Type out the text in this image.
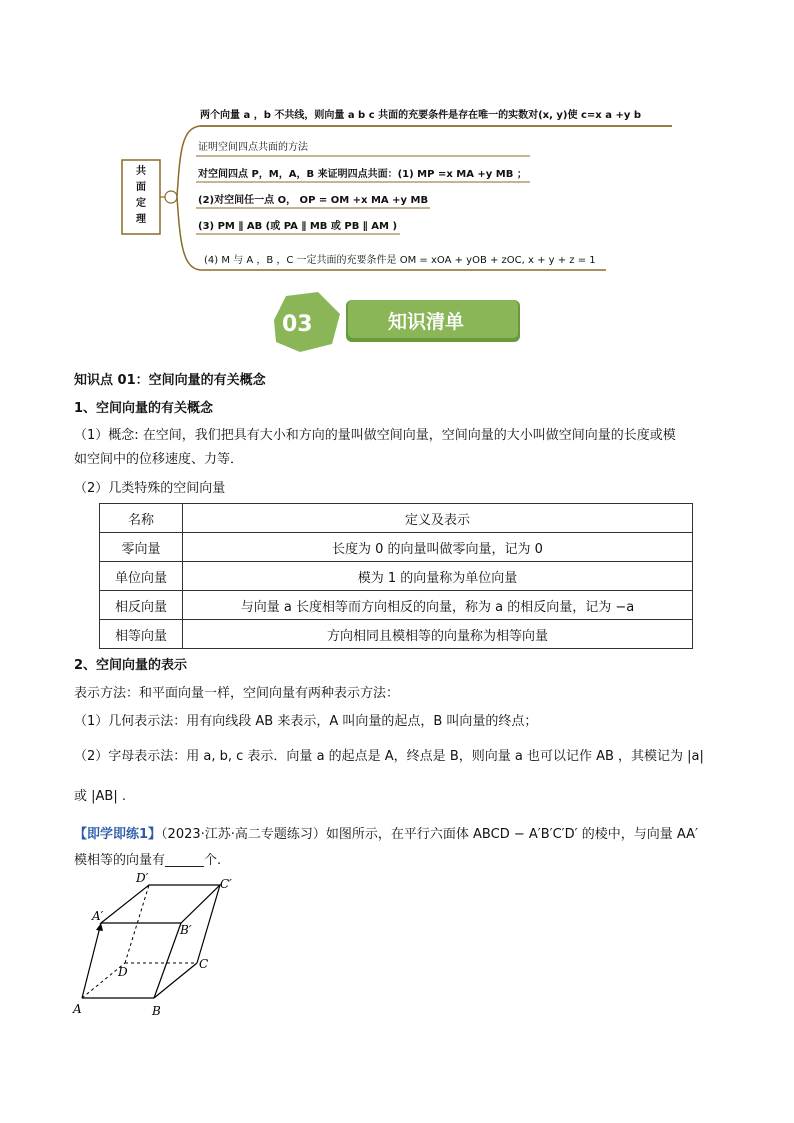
共
面
定
理
两个向量 a ，b 不共线，则向量 a b c 共面的充要条件是存在唯一的实数对(x, y)使 c=x a +y b
证明空间四点共面的方法
对空间四点 P，M，A，B 来证明四点共面：(1) MP =x MA +y MB ；
(2)对空间任一点 O， OP = OM +x MA +y MB
(3) PM ∥ AB (或 PA ∥ MB 或 PB ∥ AM )
(4) M 与 A ，B ，C 一定共面的充要条件是 OM = xOA + yOB + zOC, x + y + z = 1
03	知识清单
知识点 01：空间向量的有关概念
1、空间向量的有关概念
（1）概念: 在空间，我们把具有大小和方向的量叫做空间向量，空间向量的大小叫做空间向量的长度或模
如空间中的位移速度、力等．
（2）几类特殊的空间向量
名称	定义及表示
零向量	长度为 0 的向量叫做零向量，记为 0
单位向量	模为 1 的向量称为单位向量
相反向量	与向量 a 长度相等而方向相反的向量，称为 a 的相反向量，记为 −a
相等向量	方向相同且模相等的向量称为相等向量
2、空间向量的表示
表示方法：和平面向量一样，空间向量有两种表示方法：
（1）几何表示法：用有向线段 AB 来表示，A 叫向量的起点，B 叫向量的终点；
（2）字母表示法：用 a, b, c 表示．向量 a 的起点是 A，终点是 B，则向量 a 也可以记作 AB ，其模记为 |a|
或 |AB| .
【即学即练1】（2023·江苏·高二专题练习）如图所示，在平行六面体 ABCD − A′B′C′D′ 的棱中，与向量 AA′
模相等的向量有______个.
A	B
C
D
A′
B′
C′
D′
